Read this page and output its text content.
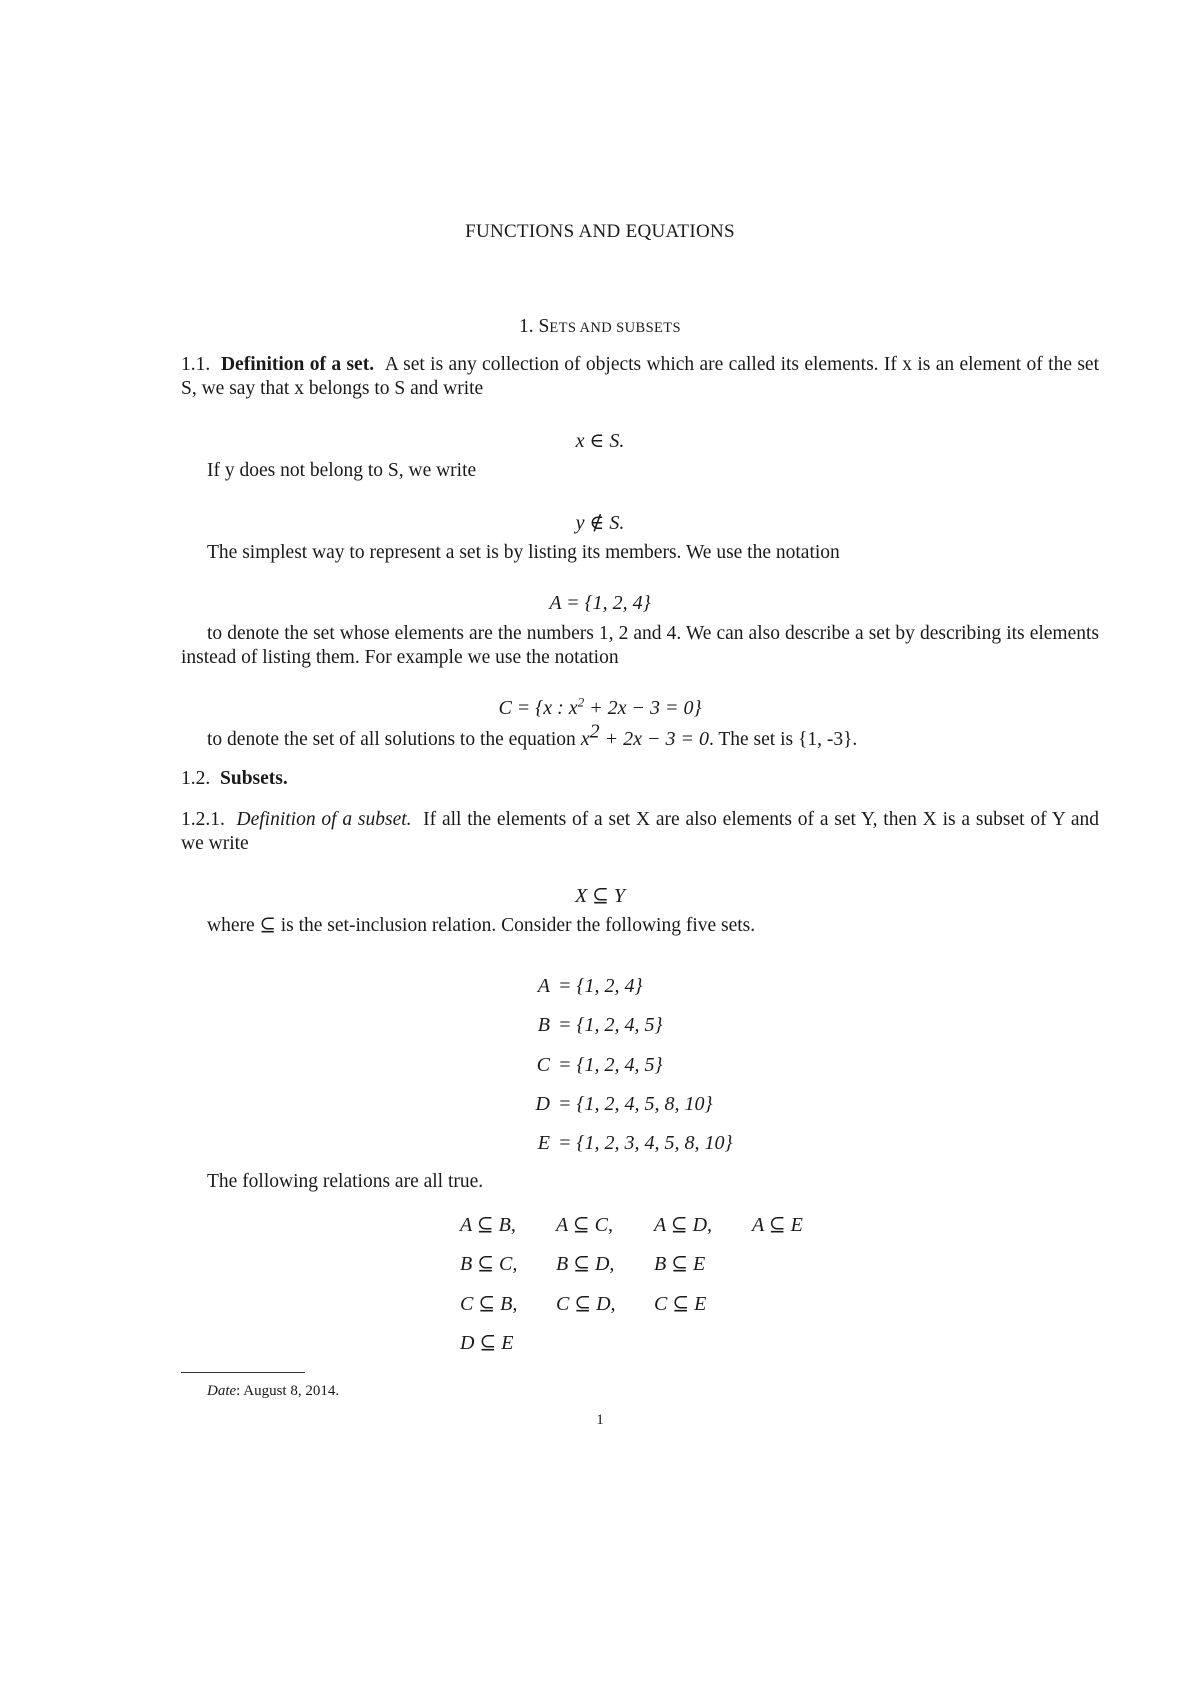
FUNCTIONS AND EQUATIONS
1. SETS AND SUBSETS
1.1. Definition of a set. A set is any collection of objects which are called its elements. If x is an element of the set S, we say that x belongs to S and write
x ∈ S.
If y does not belong to S, we write
y ∉ S.
The simplest way to represent a set is by listing its members. We use the notation
A = {1, 2, 4}
to denote the set whose elements are the numbers 1, 2 and 4. We can also describe a set by describing its elements instead of listing them. For example we use the notation
C = {x : $x^2 + 2x - 3 = 0$}
to denote the set of all solutions to the equation $x^2 + 2x - 3 = 0$. The set is {1, -3}.
1.2. Subsets.
1.2.1. Definition of a subset. If all the elements of a set X are also elements of a set Y, then X is a subset of Y and we write
X ⊆ Y
where ⊆ is the set-inclusion relation. Consider the following five sets.
A = {1, 2, 4}
B = {1, 2, 4, 5}
C = {1, 2, 4, 5}
D = {1, 2, 4, 5, 8, 10}
E = {1, 2, 3, 4, 5, 8, 10}
The following relations are all true.
A ⊆ B, A ⊆ C, A ⊆ D, A ⊆ E
B ⊆ C, B ⊆ D, B ⊆ E
C ⊆ B, C ⊆ D, C ⊆ E
D ⊆ E
Date: August 8, 2014.
1
